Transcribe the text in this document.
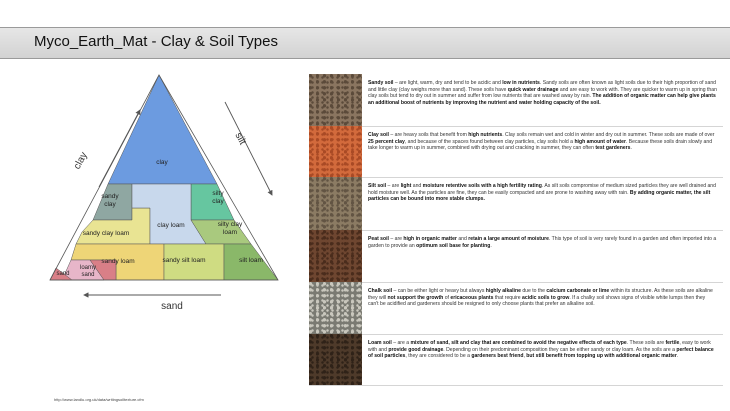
Myco_Earth_Mat - Clay & Soil Types
clay
sandy clay
silty clay
sandy clay loam
clay loam	silty clay loam
sandy loam	sandy silt loam	silt loam
loamy sand
sand
clay
silt
sand
Sandy soil – are light, warm, dry and tend to be acidic and low in nutrients. Sandy soils are often known as light soils due to their high proportion of sand and little clay (clay weighs more than sand). These soils have quick water drainage and are easy to work with. They are quicker to warm up in spring than clay soils but tend to dry out in summer and suffer from low nutrients that are washed away by rain. The addition of organic matter can help give plants an additional boost of nutrients by improving the nutrient and water holding capacity of the soil.
Clay soil – are heavy soils that benefit from high nutrients. Clay soils remain wet and cold in winter and dry out in summer. These soils are made of over 25 percent clay, and because of the spaces found between clay particles, clay soils hold a high amount of water. Because these soils drain slowly and take longer to warm up in summer, combined with drying out and cracking in summer, they can often test gardeners.
Silt soil – are light and moisture retentive soils with a high fertility rating. As silt soils compromise of medium sized particles they are well drained and hold moisture well. As the particles are fine, they can be easily compacted and are prone to washing away with rain. By adding organic matter, the silt particles can be bound into more stable clumps.
Peat soil – are high in organic matter and retain a large amount of moisture. This type of soil is very rarely found in a garden and often imported into a garden to provide an optimum soil base for planting.
Chalk soil – can be either light or heavy but always highly alkaline due to the calcium carbonate or lime within its structure. As these soils are alkaline they will not support the growth of ericaceous plants that require acidic soils to grow. If a chalky soil shows signs of visible white lumps then they can't be acidified and gardeners should be resigned to only choose plants that prefer an alkaline soil.
Loam soil – are a mixture of sand, silt and clay that are combined to avoid the negative effects of each type. These soils are fertile, easy to work with and provide good drainage. Depending on their predominant composition they can be either sandy or clay loam. As the soils are a perfect balance of soil particles, they are considered to be a gardeners best friend, but still benefit from topping up with additional organic matter.
http://www.landlu.org.uk/data/writingsoiltexture.cfm
